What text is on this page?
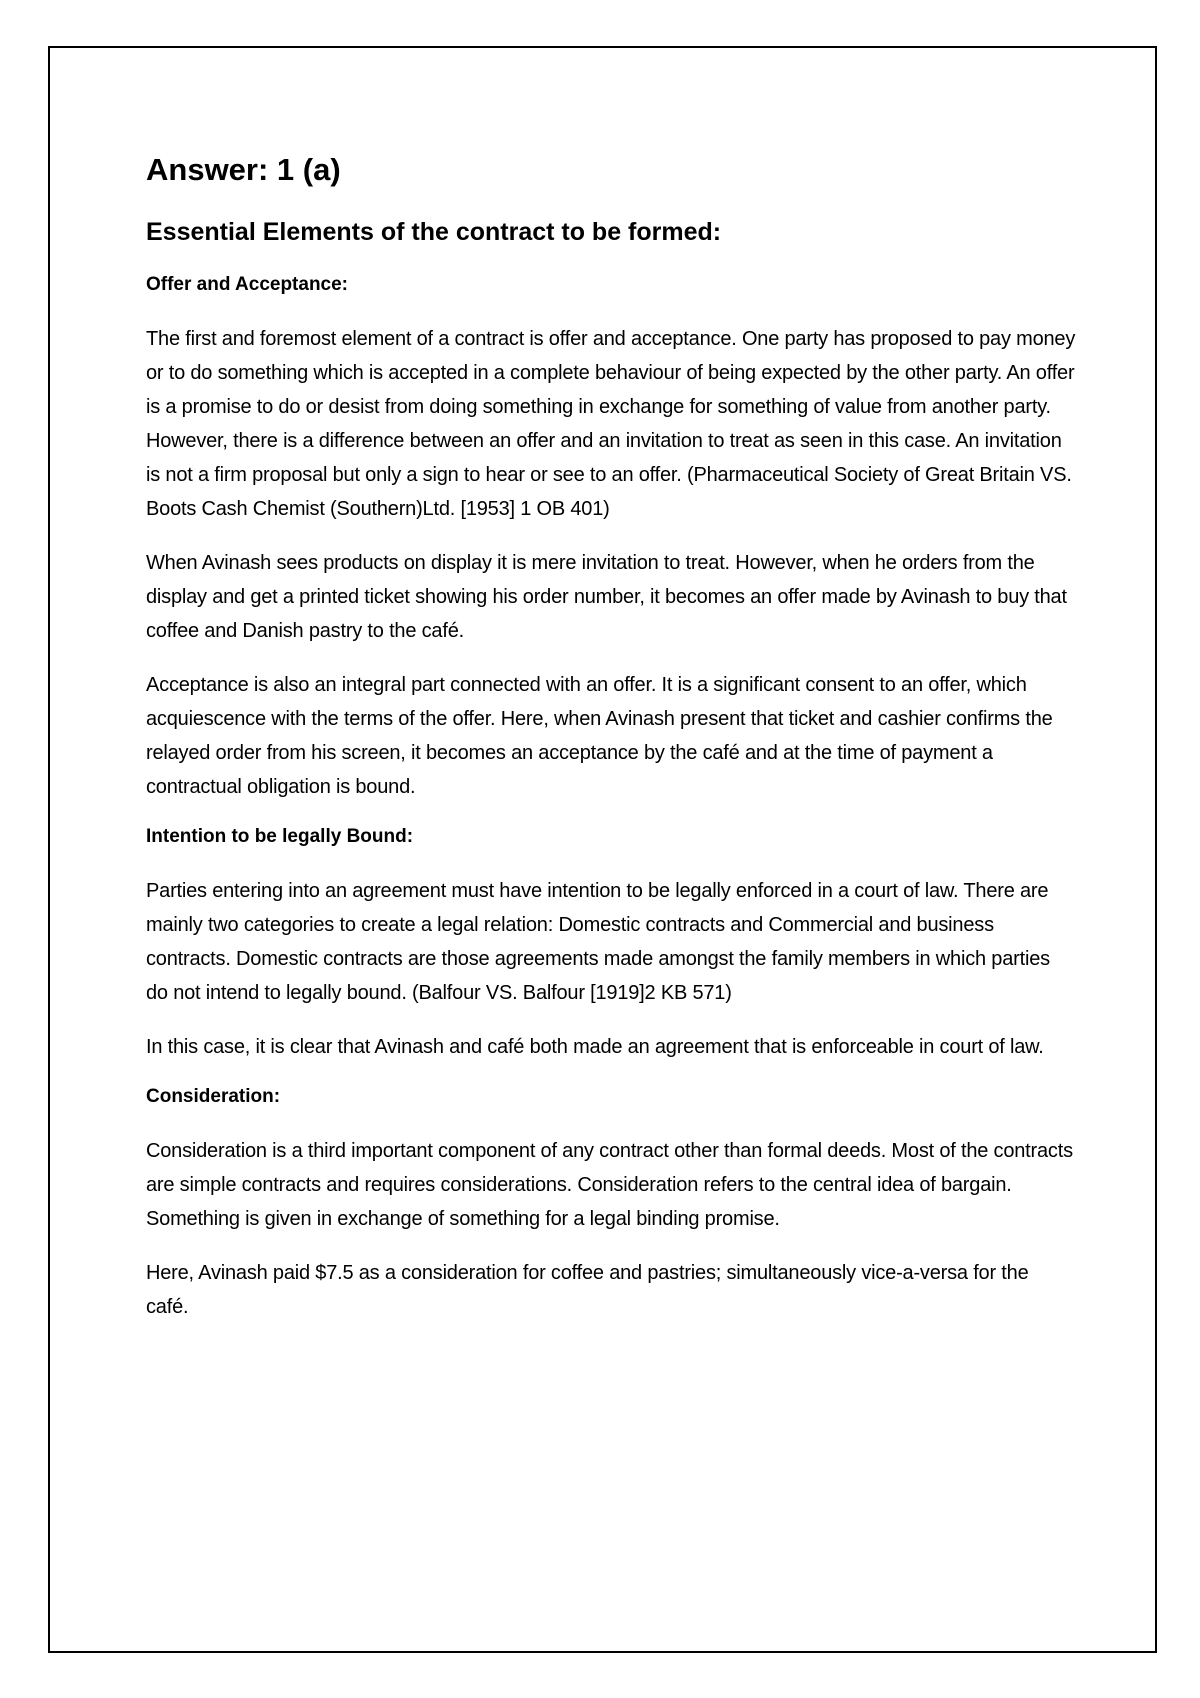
Answer: 1 (a)
Essential Elements of the contract to be formed:
Offer and Acceptance:

The first and foremost element of a contract is offer and acceptance. One party has proposed to pay money or to do something which is accepted in a complete behaviour of being expected by the other party. An offer is a promise to do or desist from doing something in exchange for something of value from another party. However, there is a difference between an offer and an invitation to treat as seen in this case. An invitation is not a firm proposal but only a sign to hear or see to an offer. (Pharmaceutical Society of Great Britain VS. Boots Cash Chemist (Southern)Ltd. [1953] 1 OB 401)

When Avinash sees products on display it is mere invitation to treat. However, when he orders from the display and get a printed ticket showing his order number, it becomes an offer made by Avinash to buy that coffee and Danish pastry to the café.

Acceptance is also an integral part connected with an offer. It is a significant consent to an offer, which acquiescence with the terms of the offer. Here, when Avinash present that ticket and cashier confirms the relayed order from his screen, it becomes an acceptance by the café and at the time of payment a contractual obligation is bound.

Intention to be legally Bound:

Parties entering into an agreement must have intention to be legally enforced in a court of law. There are mainly two categories to create a legal relation: Domestic contracts and Commercial and business contracts. Domestic contracts are those agreements made amongst the family members in which parties do not intend to legally bound. (Balfour VS. Balfour [1919]2 KB 571)

In this case, it is clear that Avinash and café both made an agreement that is enforceable in court of law.

Consideration:

Consideration is a third important component of any contract other than formal deeds. Most of the contracts are simple contracts and requires considerations. Consideration refers to the central idea of bargain. Something is given in exchange of something for a legal binding promise.

Here, Avinash paid $7.5 as a consideration for coffee and pastries; simultaneously vice-a-versa for the café.
